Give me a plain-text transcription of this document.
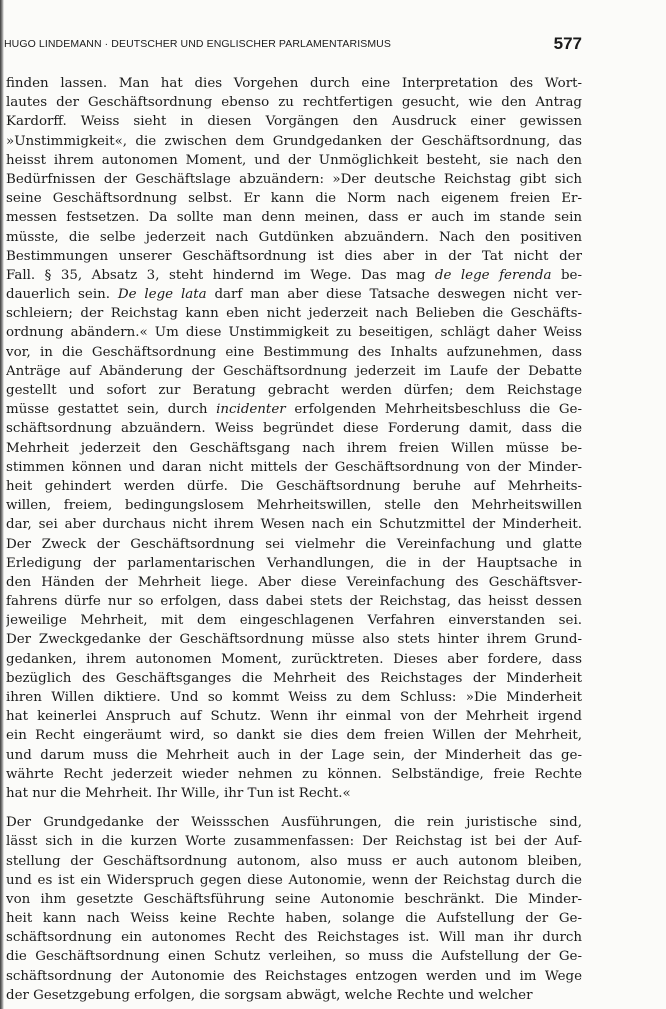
HUGO LINDEMANN · DEUTSCHER UND ENGLISCHER PARLAMENTARISMUS	577
finden lassen. Man hat dies Vorgehen durch eine Interpretation des Wort-
lautes der Geschäftsordnung ebenso zu rechtfertigen gesucht, wie den Antrag
Kardorff. Weiss sieht in diesen Vorgängen den Ausdruck einer gewissen
»Unstimmigkeit«, die zwischen dem Grundgedanken der Geschäftsordnung, das
heisst ihrem autonomen Moment, und der Unmöglichkeit besteht, sie nach den
Bedürfnissen der Geschäftslage abzuändern: »Der deutsche Reichstag gibt sich
seine Geschäftsordnung selbst. Er kann die Norm nach eigenem freien Er-
messen festsetzen. Da sollte man denn meinen, dass er auch im stande sein
müsste, die selbe jederzeit nach Gutdünken abzuändern. Nach den positiven
Bestimmungen unserer Geschäftsordnung ist dies aber in der Tat nicht der
Fall. § 35, Absatz 3, steht hindernd im Wege. Das mag de lege ferenda be-
dauerlich sein. De lege lata darf man aber diese Tatsache deswegen nicht ver-
schleiern; der Reichstag kann eben nicht jederzeit nach Belieben die Geschäfts-
ordnung abändern.« Um diese Unstimmigkeit zu beseitigen, schlägt daher Weiss
vor, in die Geschäftsordnung eine Bestimmung des Inhalts aufzunehmen, dass
Anträge auf Abänderung der Geschäftsordnung jederzeit im Laufe der Debatte
gestellt und sofort zur Beratung gebracht werden dürfen; dem Reichstage
müsse gestattet sein, durch incidenter erfolgenden Mehrheitsbeschluss die Ge-
schäftsordnung abzuändern. Weiss begründet diese Forderung damit, dass die
Mehrheit jederzeit den Geschäftsgang nach ihrem freien Willen müsse be-
stimmen können und daran nicht mittels der Geschäftsordnung von der Minder-
heit gehindert werden dürfe. Die Geschäftsordnung beruhe auf Mehrheits-
willen, freiem, bedingungslosem Mehrheitswillen, stelle den Mehrheitswillen
dar, sei aber durchaus nicht ihrem Wesen nach ein Schutzmittel der Minderheit.
Der Zweck der Geschäftsordnung sei vielmehr die Vereinfachung und glatte
Erledigung der parlamentarischen Verhandlungen, die in der Hauptsache in
den Händen der Mehrheit liege. Aber diese Vereinfachung des Geschäftsver-
fahrens dürfe nur so erfolgen, dass dabei stets der Reichstag, das heisst dessen
jeweilige Mehrheit, mit dem eingeschlagenen Verfahren einverstanden sei.
Der Zweckgedanke der Geschäftsordnung müsse also stets hinter ihrem Grund-
gedanken, ihrem autonomen Moment, zurücktreten. Dieses aber fordere, dass
bezüglich des Geschäftsganges die Mehrheit des Reichstages der Minderheit
ihren Willen diktiere. Und so kommt Weiss zu dem Schluss: »Die Minderheit
hat keinerlei Anspruch auf Schutz. Wenn ihr einmal von der Mehrheit irgend
ein Recht eingeräumt wird, so dankt sie dies dem freien Willen der Mehrheit,
und darum muss die Mehrheit auch in der Lage sein, der Minderheit das ge-
währte Recht jederzeit wieder nehmen zu können. Selbständige, freie Rechte
hat nur die Mehrheit. Ihr Wille, ihr Tun ist Recht.«
Der Grundgedanke der Weissschen Ausführungen, die rein juristische sind,
lässt sich in die kurzen Worte zusammenfassen: Der Reichstag ist bei der Auf-
stellung der Geschäftsordnung autonom, also muss er auch autonom bleiben,
und es ist ein Widerspruch gegen diese Autonomie, wenn der Reichstag durch die
von ihm gesetzte Geschäftsführung seine Autonomie beschränkt. Die Minder-
heit kann nach Weiss keine Rechte haben, solange die Aufstellung der Ge-
schäftsordnung ein autonomes Recht des Reichstages ist. Will man ihr durch
die Geschäftsordnung einen Schutz verleihen, so muss die Aufstellung der Ge-
schäftsordnung der Autonomie des Reichstages entzogen werden und im Wege
der Gesetzgebung erfolgen, die sorgsam abwägt, welche Rechte und welcher
